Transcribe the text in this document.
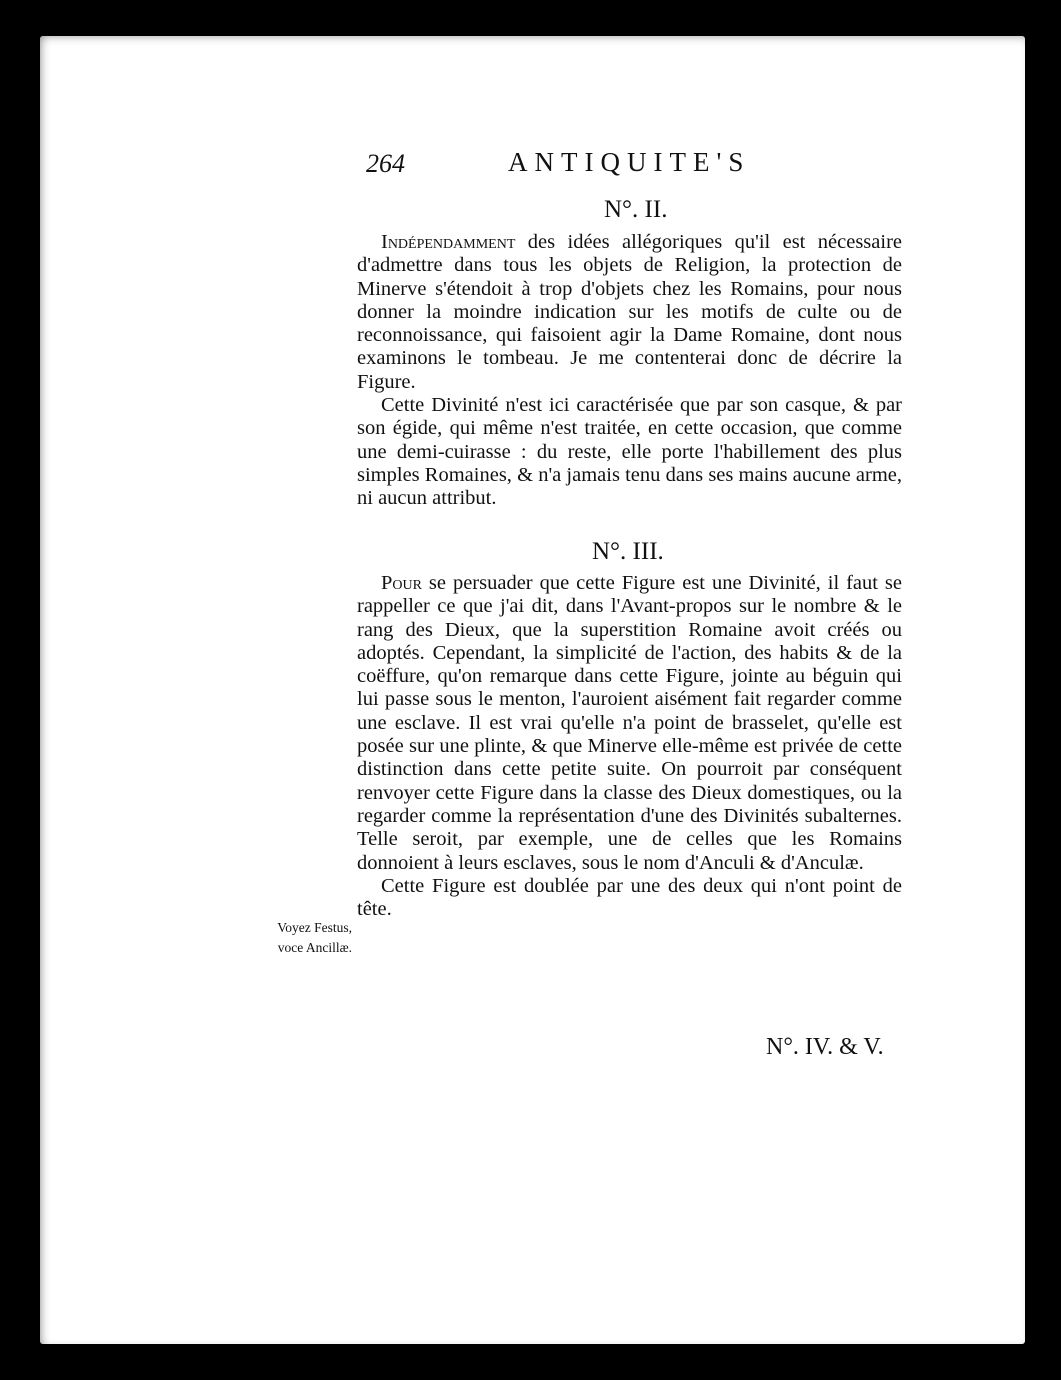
264	ANTIQUITE'S
N°. II.

Indépendamment des idées allégoriques qu'il est nécessaire d'admettre dans tous les objets de Religion, la protection de Minerve s'étendoit à trop d'objets chez les Romains, pour nous donner la moindre indication sur les motifs de culte ou de reconnoissance, qui faisoient agir la Dame Romaine, dont nous examinons le tombeau. Je me contenterai donc de décrire la Figure.

Cette Divinité n'est ici caractérisée que par son casque, & par son égide, qui même n'est traitée, en cette occasion, que comme une demi-cuirasse : du reste, elle porte l'habillement des plus simples Romaines, & n'a jamais tenu dans ses mains aucune arme, ni aucun attribut.

N°. III.

Pour se persuader que cette Figure est une Divinité, il faut se rappeller ce que j'ai dit, dans l'Avant-propos sur le nombre & le rang des Dieux, que la superstition Romaine avoit créés ou adoptés. Cependant, la simplicité de l'action, des habits & de la coëffure, qu'on remarque dans cette Figure, jointe au béguin qui lui passe sous le menton, l'auroient aisément fait regarder comme une esclave. Il est vrai qu'elle n'a point de brasselet, qu'elle est posée sur une plinte, & que Minerve elle-même est privée de cette distinction dans cette petite suite. On pourroit par conséquent renvoyer cette Figure dans la classe des Dieux domestiques, ou la regarder comme la représentation d'une des Divinités subalternes. Telle seroit, par exemple, une de celles que les Romains donnoient à leurs esclaves, sous le nom d'Anculi & d'Anculæ.

Cette Figure est doublée par une des deux qui n'ont point de tête.

Voyez Festus,
voce Ancillæ.
N°. IV. & V.
